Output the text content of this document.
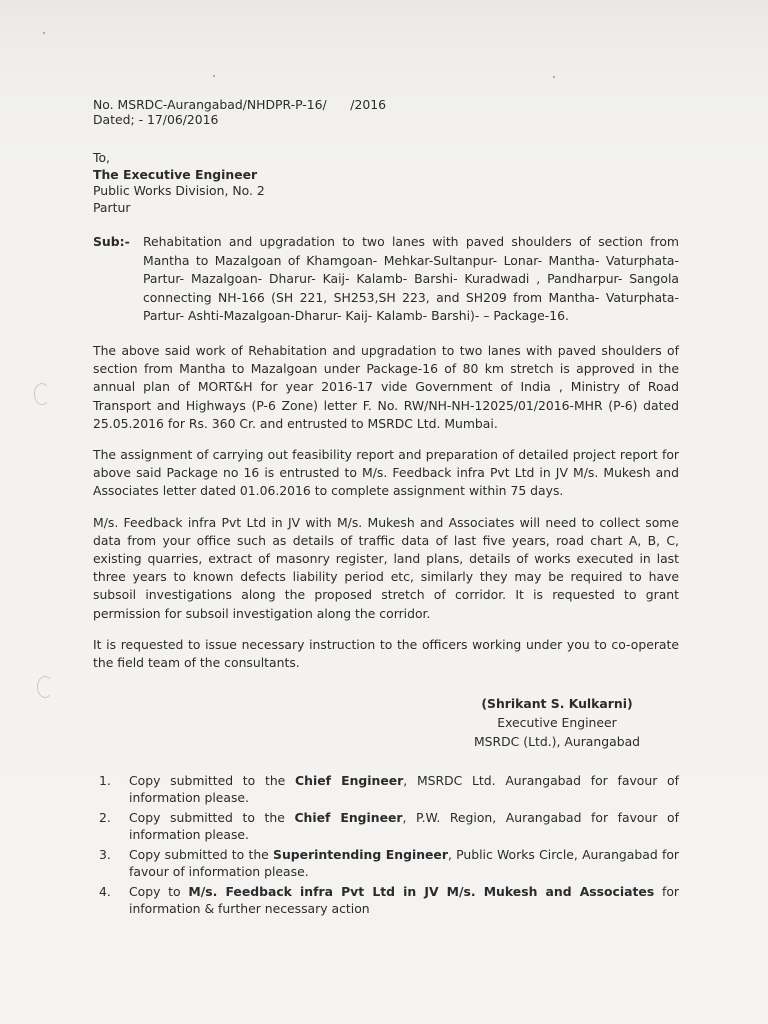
No. MSRDC-Aurangabad/NHDPR-P-16/      /2016
Dated; - 17/06/2016
To,
The Executive Engineer
Public Works Division, No. 2
Partur
Sub:-	Rehabitation and upgradation to two lanes with paved shoulders of section from Mantha to Mazalgoan of Khamgoan- Mehkar-Sultanpur- Lonar- Mantha- Vaturphata- Partur- Mazalgoan- Dharur- Kaij- Kalamb- Barshi- Kuradwadi , Pandharpur- Sangola connecting NH-166 (SH 221, SH253,SH 223, and SH209 from Mantha- Vaturphata- Partur- Ashti-Mazalgoan-Dharur- Kaij- Kalamb- Barshi)- – Package-16.

The above said work of Rehabitation and upgradation to two lanes with paved shoulders of section from Mantha to Mazalgoan under Package-16 of 80 km stretch is approved in the annual plan of MORT&H for year 2016-17 vide Government of India , Ministry of Road Transport and Highways (P-6 Zone) letter F. No. RW/NH-NH-12025/01/2016-MHR (P-6) dated 25.05.2016 for Rs. 360 Cr. and entrusted to MSRDC Ltd. Mumbai.

The assignment of carrying out feasibility report and preparation of detailed project report for above said Package no 16 is entrusted to M/s. Feedback infra Pvt Ltd in JV M/s. Mukesh and Associates letter dated 01.06.2016 to complete assignment within 75 days.

M/s. Feedback infra Pvt Ltd in JV with M/s. Mukesh and Associates will need to collect some data from your office such as details of traffic data of last five years, road chart A, B, C, existing quarries, extract of masonry register, land plans, details of works executed in last three years to known defects liability period etc, similarly they may be required to have subsoil investigations along the proposed stretch of corridor. It is requested to grant permission for subsoil investigation along the corridor.

It is requested to issue necessary instruction to the officers working under you to co-operate the field team of the consultants.

(Shrikant S. Kulkarni)
Executive Engineer
MSRDC (Ltd.), Aurangabad
1.	Copy submitted to the Chief Engineer, MSRDC Ltd. Aurangabad for favour of information please.
2.	Copy submitted to the Chief Engineer, P.W. Region, Aurangabad for favour of information please.
3.	Copy submitted to the Superintending Engineer, Public Works Circle, Aurangabad for favour of information please.
4.	Copy to M/s. Feedback infra Pvt Ltd in JV M/s. Mukesh and Associates for information & further necessary action
